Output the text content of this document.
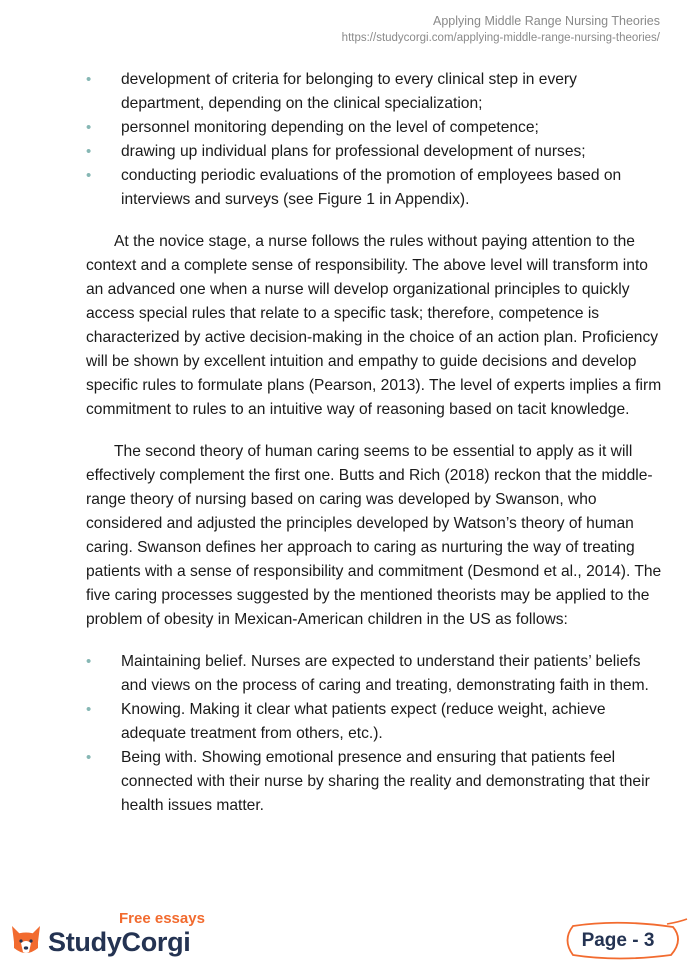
Applying Middle Range Nursing Theories
https://studycorgi.com/applying-middle-range-nursing-theories/
• development of criteria for belonging to every clinical step in every department, depending on the clinical specialization;
• personnel monitoring depending on the level of competence;
• drawing up individual plans for professional development of nurses;
• conducting periodic evaluations of the promotion of employees based on interviews and surveys (see Figure 1 in Appendix).

At the novice stage, a nurse follows the rules without paying attention to the context and a complete sense of responsibility. The above level will transform into an advanced one when a nurse will develop organizational principles to quickly access special rules that relate to a specific task; therefore, competence is characterized by active decision-making in the choice of an action plan. Proficiency will be shown by excellent intuition and empathy to guide decisions and develop specific rules to formulate plans (Pearson, 2013). The level of experts implies a firm commitment to rules to an intuitive way of reasoning based on tacit knowledge.

The second theory of human caring seems to be essential to apply as it will effectively complement the first one. Butts and Rich (2018) reckon that the middle-range theory of nursing based on caring was developed by Swanson, who considered and adjusted the principles developed by Watson’s theory of human caring. Swanson defines her approach to caring as nurturing the way of treating patients with a sense of responsibility and commitment (Desmond et al., 2014). The five caring processes suggested by the mentioned theorists may be applied to the problem of obesity in Mexican-American children in the US as follows:

• Maintaining belief. Nurses are expected to understand their patients’ beliefs and views on the process of caring and treating, demonstrating faith in them.
• Knowing. Making it clear what patients expect (reduce weight, achieve adequate treatment from others, etc.).
• Being with. Showing emotional presence and ensuring that patients feel connected with their nurse by sharing the reality and demonstrating that their health issues matter.
Free essays
StudyCorgi	Page - 3
